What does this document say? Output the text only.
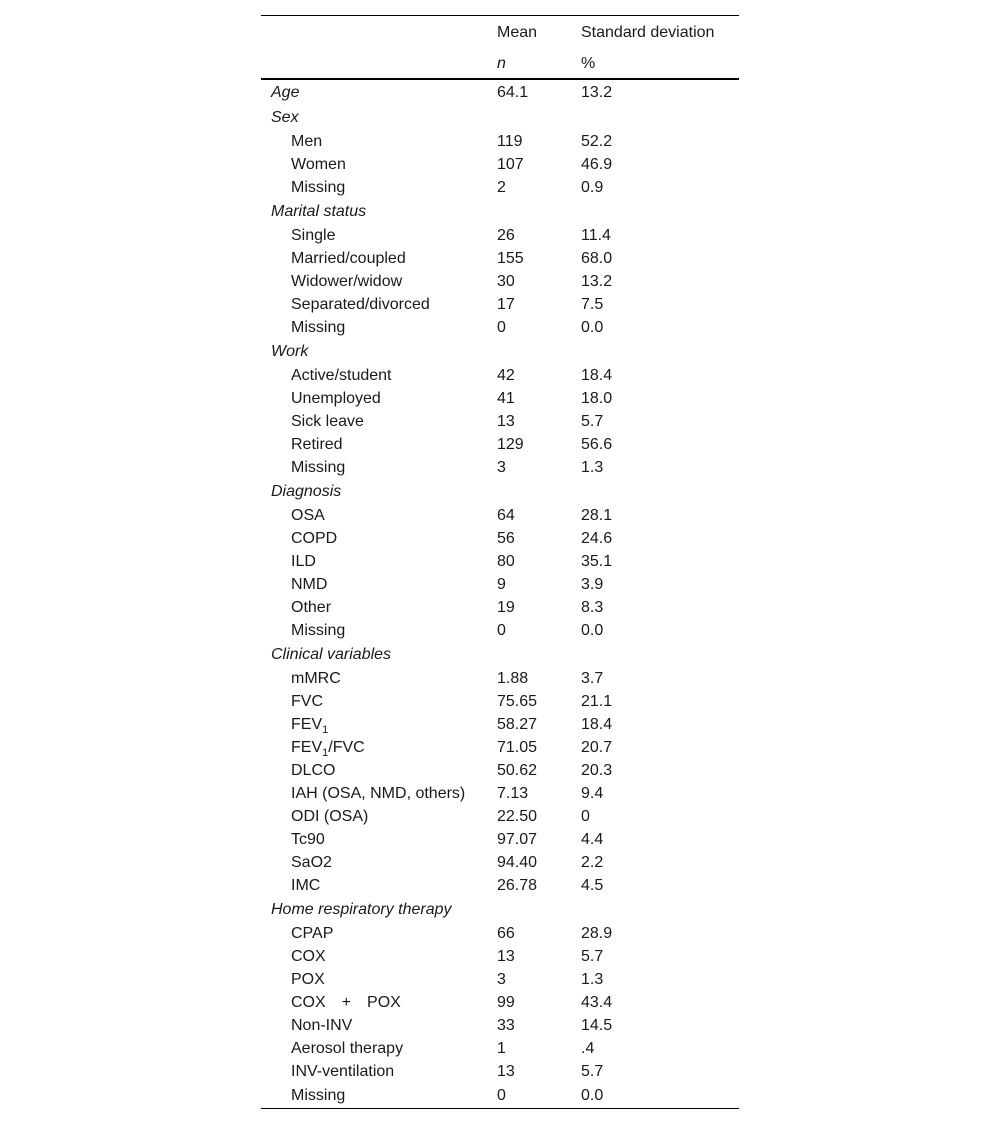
	Mean	Standard deviation
	n	%
Age	64.1	13.2
Sex		
Men	119	52.2
Women	107	46.9
Missing	2	0.9
Marital status		
Single	26	11.4
Married/coupled	155	68.0
Widower/widow	30	13.2
Separated/divorced	17	7.5
Missing	0	0.0
Work		
Active/student	42	18.4
Unemployed	41	18.0
Sick leave	13	5.7
Retired	129	56.6
Missing	3	1.3
Diagnosis		
OSA	64	28.1
COPD	56	24.6
ILD	80	35.1
NMD	9	3.9
Other	19	8.3
Missing	0	0.0
Clinical variables		
mMRC	1.88	3.7
FVC	75.65	21.1
$FEV_1$	58.27	18.4
$FEV_1$/FVC	71.05	20.7
DLCO	50.62	20.3
IAH (OSA, NMD, others)	7.13	9.4
ODI (OSA)	22.50	0
Tc90	97.07	4.4
SaO2	94.40	2.2
IMC	26.78	4.5
Home respiratory therapy		
CPAP	66	28.9
COX	13	5.7
POX	3	1.3
COX + POX	99	43.4
Non-INV	33	14.5
Aerosol therapy	1	.4
INV-ventilation	13	5.7
Missing	0	0.0
